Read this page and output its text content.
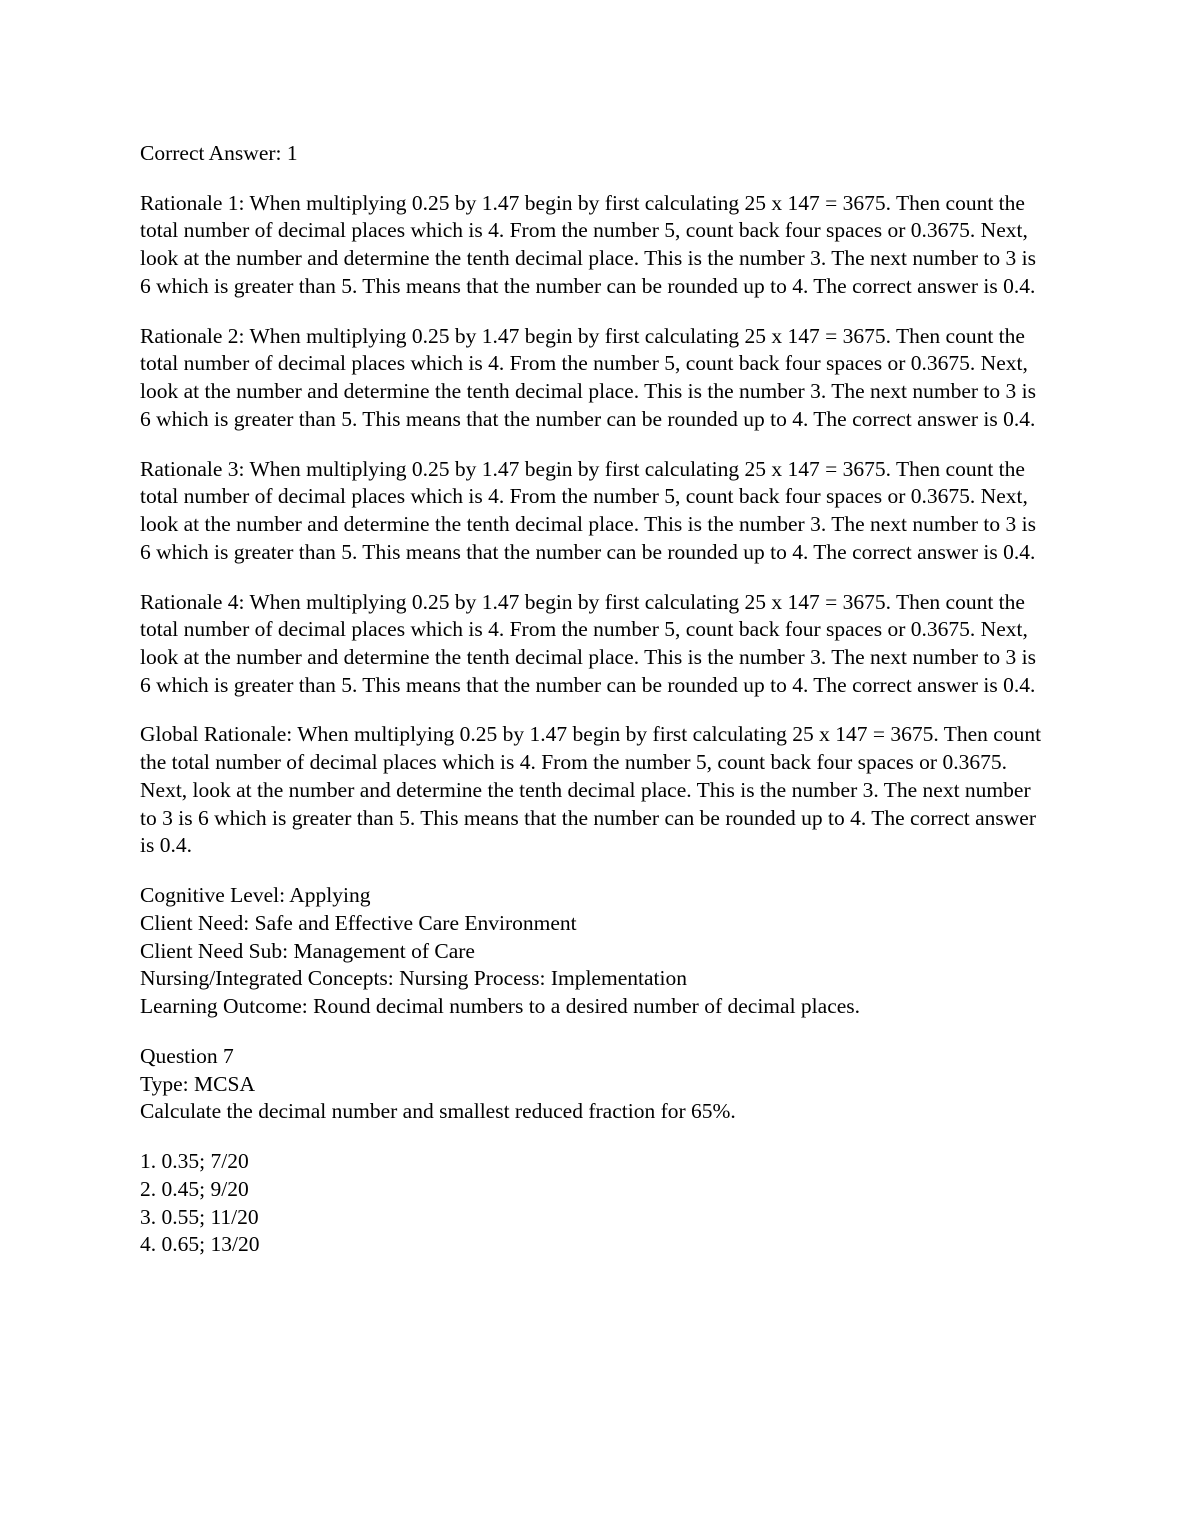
Correct Answer: 1

Rationale 1: When multiplying 0.25 by 1.47 begin by first calculating 25 x 147 = 3675. Then count the total number of decimal places which is 4. From the number 5, count back four spaces or 0.3675. Next, look at the number and determine the tenth decimal place. This is the number 3. The next number to 3 is 6 which is greater than 5. This means that the number can be rounded up to 4. The correct answer is 0.4.

Rationale 2: When multiplying 0.25 by 1.47 begin by first calculating 25 x 147 = 3675. Then count the total number of decimal places which is 4. From the number 5, count back four spaces or 0.3675. Next, look at the number and determine the tenth decimal place. This is the number 3. The next number to 3 is 6 which is greater than 5. This means that the number can be rounded up to 4. The correct answer is 0.4.

Rationale 3: When multiplying 0.25 by 1.47 begin by first calculating 25 x 147 = 3675. Then count the total number of decimal places which is 4. From the number 5, count back four spaces or 0.3675. Next, look at the number and determine the tenth decimal place. This is the number 3. The next number to 3 is 6 which is greater than 5. This means that the number can be rounded up to 4. The correct answer is 0.4.

Rationale 4: When multiplying 0.25 by 1.47 begin by first calculating 25 x 147 = 3675. Then count the total number of decimal places which is 4. From the number 5, count back four spaces or 0.3675. Next, look at the number and determine the tenth decimal place. This is the number 3. The next number to 3 is 6 which is greater than 5. This means that the number can be rounded up to 4. The correct answer is 0.4.

Global Rationale: When multiplying 0.25 by 1.47 begin by first calculating 25 x 147 = 3675. Then count the total number of decimal places which is 4. From the number 5, count back four spaces or 0.3675. Next, look at the number and determine the tenth decimal place. This is the number 3. The next number to 3 is 6 which is greater than 5. This means that the number can be rounded up to 4. The correct answer is 0.4.

Cognitive Level: Applying

Client Need: Safe and Effective Care Environment

Client Need Sub: Management of Care

Nursing/Integrated Concepts: Nursing Process: Implementation

Learning Outcome: Round decimal numbers to a desired number of decimal places.

Question 7

Type: MCSA

Calculate the decimal number and smallest reduced fraction for 65%.

1. 0.35; 7/20

2. 0.45; 9/20

3. 0.55; 11/20

4. 0.65; 13/20
